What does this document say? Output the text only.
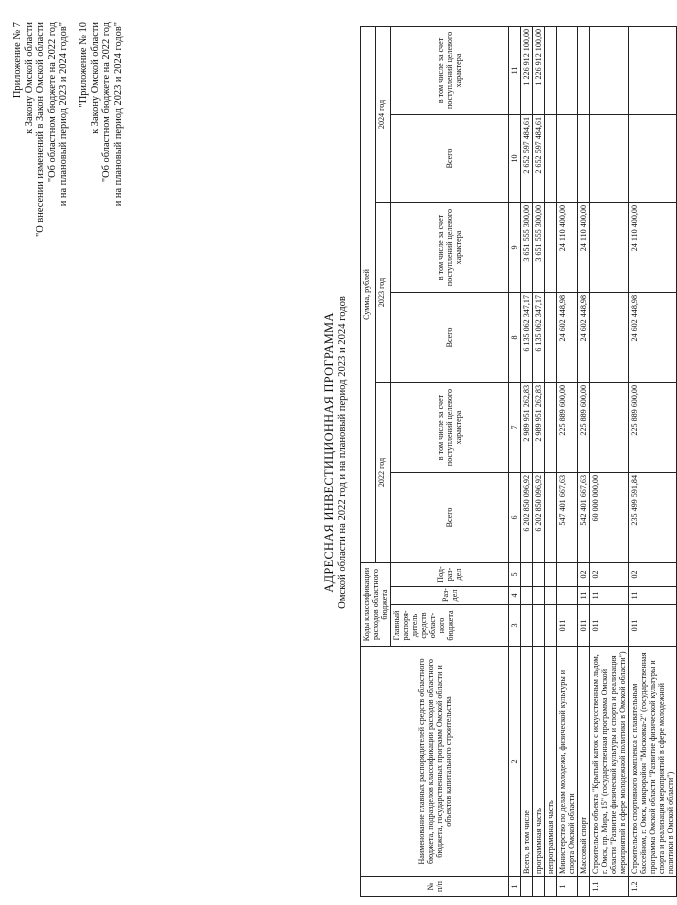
Приложение № 7 к Закону Омской области "О внесении изменений в Закон Омской области "Об областном бюджете на 2022 год и на плановый период 2023 и 2024 годов" "Приложение № 10 к Закону Омской области "Об областном бюджете на 2022 год и на плановый период 2023 и 2024 годов"
АДРЕСНАЯ ИНВЕСТИЦИОННАЯ ПРОГРАММА Омской области на 2022 год и на плановый период 2023 и 2024 годов
№ п/п	Наименование главных распорядителей средств областного бюджета, подразделов классификации расходов областного бюджета, государственных программ Омской области и объектов капитального строительства	Коды классификации расходов областного бюджета			Сумма, рублей					
					2022 год		2023 год		2024 год	
		Главный распоря-дитель средств област-ного бюджета	Раз-дел	Под-раз-дел	Всего	в том числе за счет поступлений целевого характера	Всего	в том числе за счет поступлений целевого характера	Всего	в том числе за счет поступлений целевого характера

1	2	3	4	5	6	7	8	9	10	11
	Всего, в том числе				6 202 850 096,92	2 989 951 262,83	6 135 062 347,17	3 651 555 300,00	2 652 597 484,61	1 226 912 100,00
	программная часть				6 202 850 096,92	2 989 951 262,83	6 135 062 347,17	3 651 555 300,00	2 652 597 484,61	1 226 912 100,00
	непрограммная часть									
1	Министерство по делам молодежи, физической культуры и спорта Омской области	011			547 401 667,63	225 889 600,00	24 602 448,98	24 110 400,00		
	Массовый спорт	011	11	02	542 401 667,63	225 889 600,00	24 602 448,98	24 110 400,00		
1.1	Строительство объекта "Крытый каток с искусственным льдом, г. Омск, пр. Мира, 15" (государственная программа Омской области "Развитие физической культуры и спорта и реализация мероприятий в сфере молодежной политики в Омской области")	011	11	02	60 000 000,00					
1.2	Строительство спортивного комплекса с плавательным бассейном, г. Омск, микрорайон "Московка-2" (государственная программа Омской области "Развитие физической культуры и спорта и реализация мероприятий в сфере молодежной политики в Омской области")	011	11	02	235 499 591,84	225 889 600,00	24 602 448,98	24 110 400,00		
